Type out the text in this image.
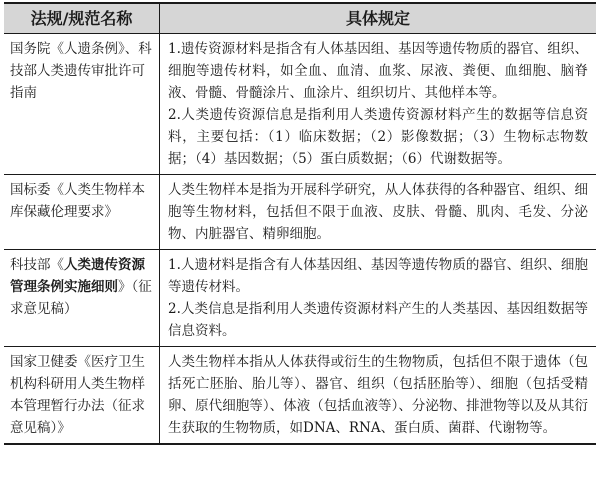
法规/规范名称	具体规定
国务院《人遗条例》、科技部人类遗传审批许可指南
1.遗传资源材料是指含有人体基因组、基因等遗传物质的器官、组织、细胞等遗传材料，如全血、血清、血浆、尿液、粪便、血细胞、脑脊液、骨髓、骨髓涂片、血涂片、组织切片、其他样本等。
2.人类遗传资源信息是指利用人类遗传资源材料产生的数据等信息资料，主要包括：（1）临床数据；（2）影像数据；（3）生物标志物数据；（4）基因数据；（5）蛋白质数据；（6）代谢数据等。
国标委《人类生物样本库保藏伦理要求》
人类生物样本是指为开展科学研究，从人体获得的各种器官、组织、细胞等生物材料，包括但不限于血液、皮肤、骨髓、肌肉、毛发、分泌物、内脏器官、精卵细胞。
科技部《人类遗传资源管理条例实施细则》（征求意见稿）
1.人遗材料是指含有人体基因组、基因等遗传物质的器官、组织、细胞等遗传材料。
2.人类信息是指利用人类遗传资源材料产生的人类基因、基因组数据等信息资料。
国家卫健委《医疗卫生机构科研用人类生物样本管理暂行办法（征求意见稿）》
人类生物样本指从人体获得或衍生的生物物质，包括但不限于遗体（包括死亡胚胎、胎儿等）、器官、组织（包括胚胎等）、细胞（包括受精卵、原代细胞等）、体液（包括血液等）、分泌物、排泄物等以及从其衍生获取的生物物质，如DNA、RNA、蛋白质、菌群、代谢物等。
